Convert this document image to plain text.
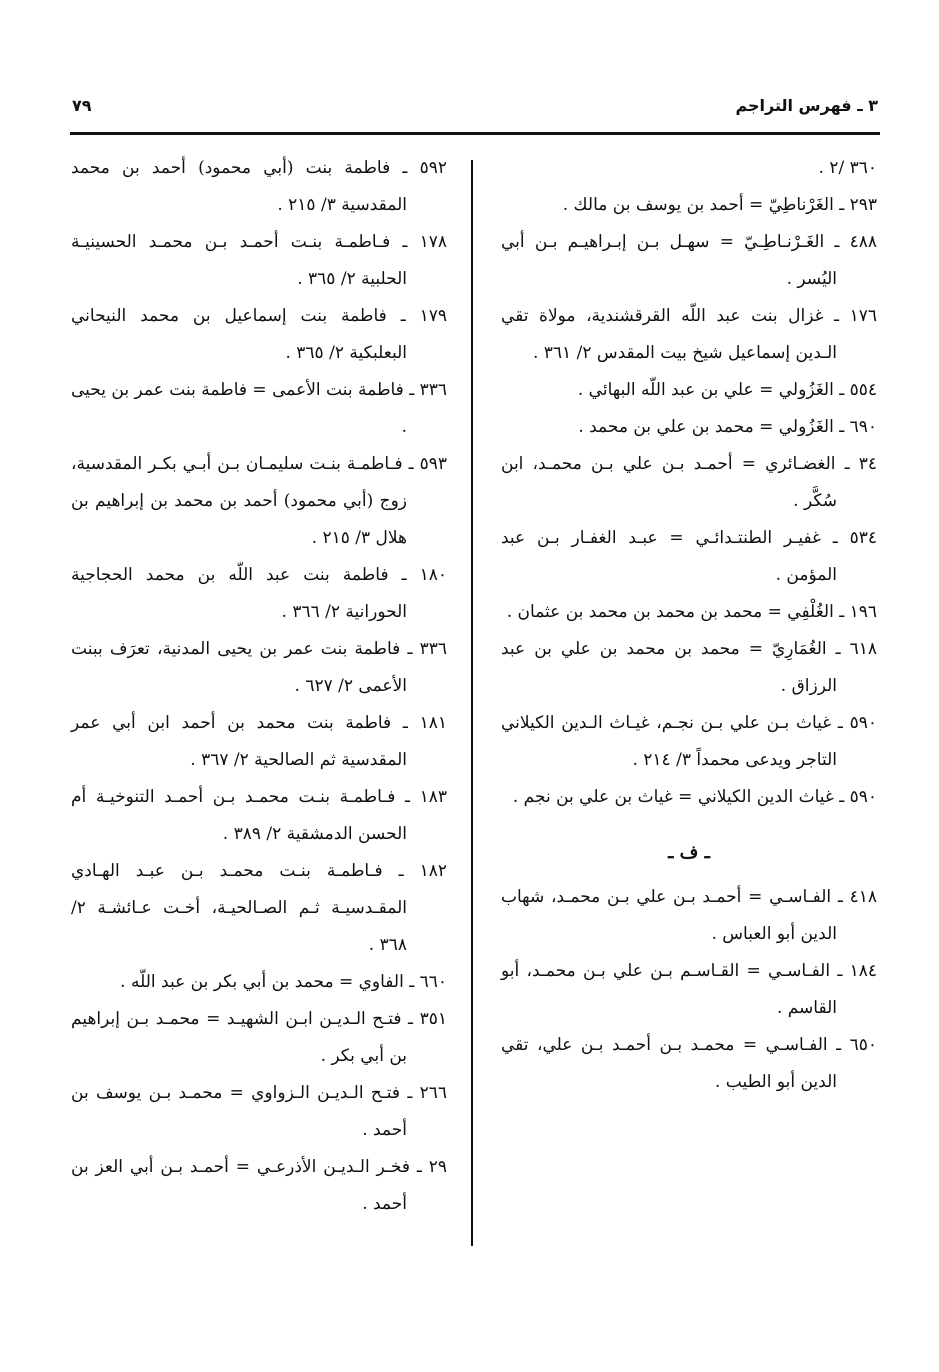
٣ ـ فهرس التراجم
٧٩

٣٦٠ /٢ .

٢٩٣ ـ الغَرْناطِيّ = أحمد بن يوسف بن مالك .

٤٨٨ ـ الغَـرْنـاطِـيّ = سهـل بـن إبـراهيـم بـن أبي اليُسر .

١٧٦ ـ غزال بنت عبد اللّه القرقشندية، مولاة تقي الـدين إسماعيل شيخ بيت المقدس ٢/ ٣٦١ .

٥٥٤ ـ الغَزُولي = علي بن عبد اللّه البهائي .

٦٩٠ ـ الغَزُولي = محمد بن علي بن محمد .

٣٤ ـ الغضـائري = أحمـد بـن علي بـن محمـد، ابن سُكَّر .

٥٣٤ ـ غفيـر الطنتـدائـي = عبـد الغفـار بـن عبد المؤمن .

١٩٦ ـ الغُلْفِي = محمد بن محمد بن محمد بن عثمان .

٦١٨ ـ الغُمَارِيّ = محمد بن محمد بن علي بن عبد الرزاق .

٥٩٠ ـ غياث بـن علي بـن نجـم، غيـاث الـدين الكيلاني التاجر ويدعى محمداً ٣/ ٢١٤ .

٥٩٠ ـ غياث الدين الكيلاني = غياث بن علي بن نجم .

ـ ف ـ

٤١٨ ـ الفـاسـي = أحمـد بـن علي بـن محمـد، شهاب الدين أبو العباس .

١٨٤ ـ الفـاسـي = القـاسـم بـن علي بـن محمـد، أبو القاسم .

٦٥٠ ـ الفـاسـي = محمـد بـن أحمـد بـن علي، تقي الدين أبو الطيب .

٥٩٢ ـ فاطمة بنت (أبي محمود) أحمد بن محمد المقدسية ٣/ ٢١٥ .

١٧٨ ـ فـاطمـة بنـت أحمـد بـن محمـد الحسينيـة الحلبية ٢/ ٣٦٥ .

١٧٩ ـ فاطمة بنت إسماعيل بن محمد النيحاني البعلبكية ٢/ ٣٦٥ .

٣٣٦ ـ فاطمة بنت الأعمى = فاطمة بنت عمر بن يحيى .

٥٩٣ ـ فـاطمـة بنـت سليمـان بـن أبـي بكـر المقدسية، زوج (أبي محمود) أحمد بن محمد بن إبراهيم بن هلال ٣/ ٢١٥ .

١٨٠ ـ فاطمة بنت عبد اللّه بن محمد الحجاجية الحورانية ٢/ ٣٦٦ .

٣٣٦ ـ فاطمة بنت عمر بن يحيى المدنية، تعرَف ببنت الأعمى ٢/ ٦٢٧ .

١٨١ ـ فاطمة بنت محمد بن أحمد ابن أبي عمر المقدسية ثم الصالحية ٢/ ٣٦٧ .

١٨٣ ـ فـاطمـة بنـت محمـد بـن أحمـد التنوخيـة أم الحسن الدمشقية ٢/ ٣٨٩ .

١٨٢ ـ فـاطمـة بنـت محمـد بـن عبـد الهـادي المقـدسيـة ثـم الصـالحيـة، أخـت عـائشـة ٢/ ٣٦٨ .

٦٦٠ ـ الفاوي = محمد بن أبي بكر بن عبد اللّه .

٣٥١ ـ فتـح الـديـن ابـن الشهيـد = محمـد بـن إبراهيم بن أبي بكر .

٢٦٦ ـ فتـح الـديـن الـزواوي = محمـد بـن يوسف بن أحمد .

٢٩ ـ فخـر الـديـن الأذرعـي = أحمـد بـن أبي العز بن أحمد .
